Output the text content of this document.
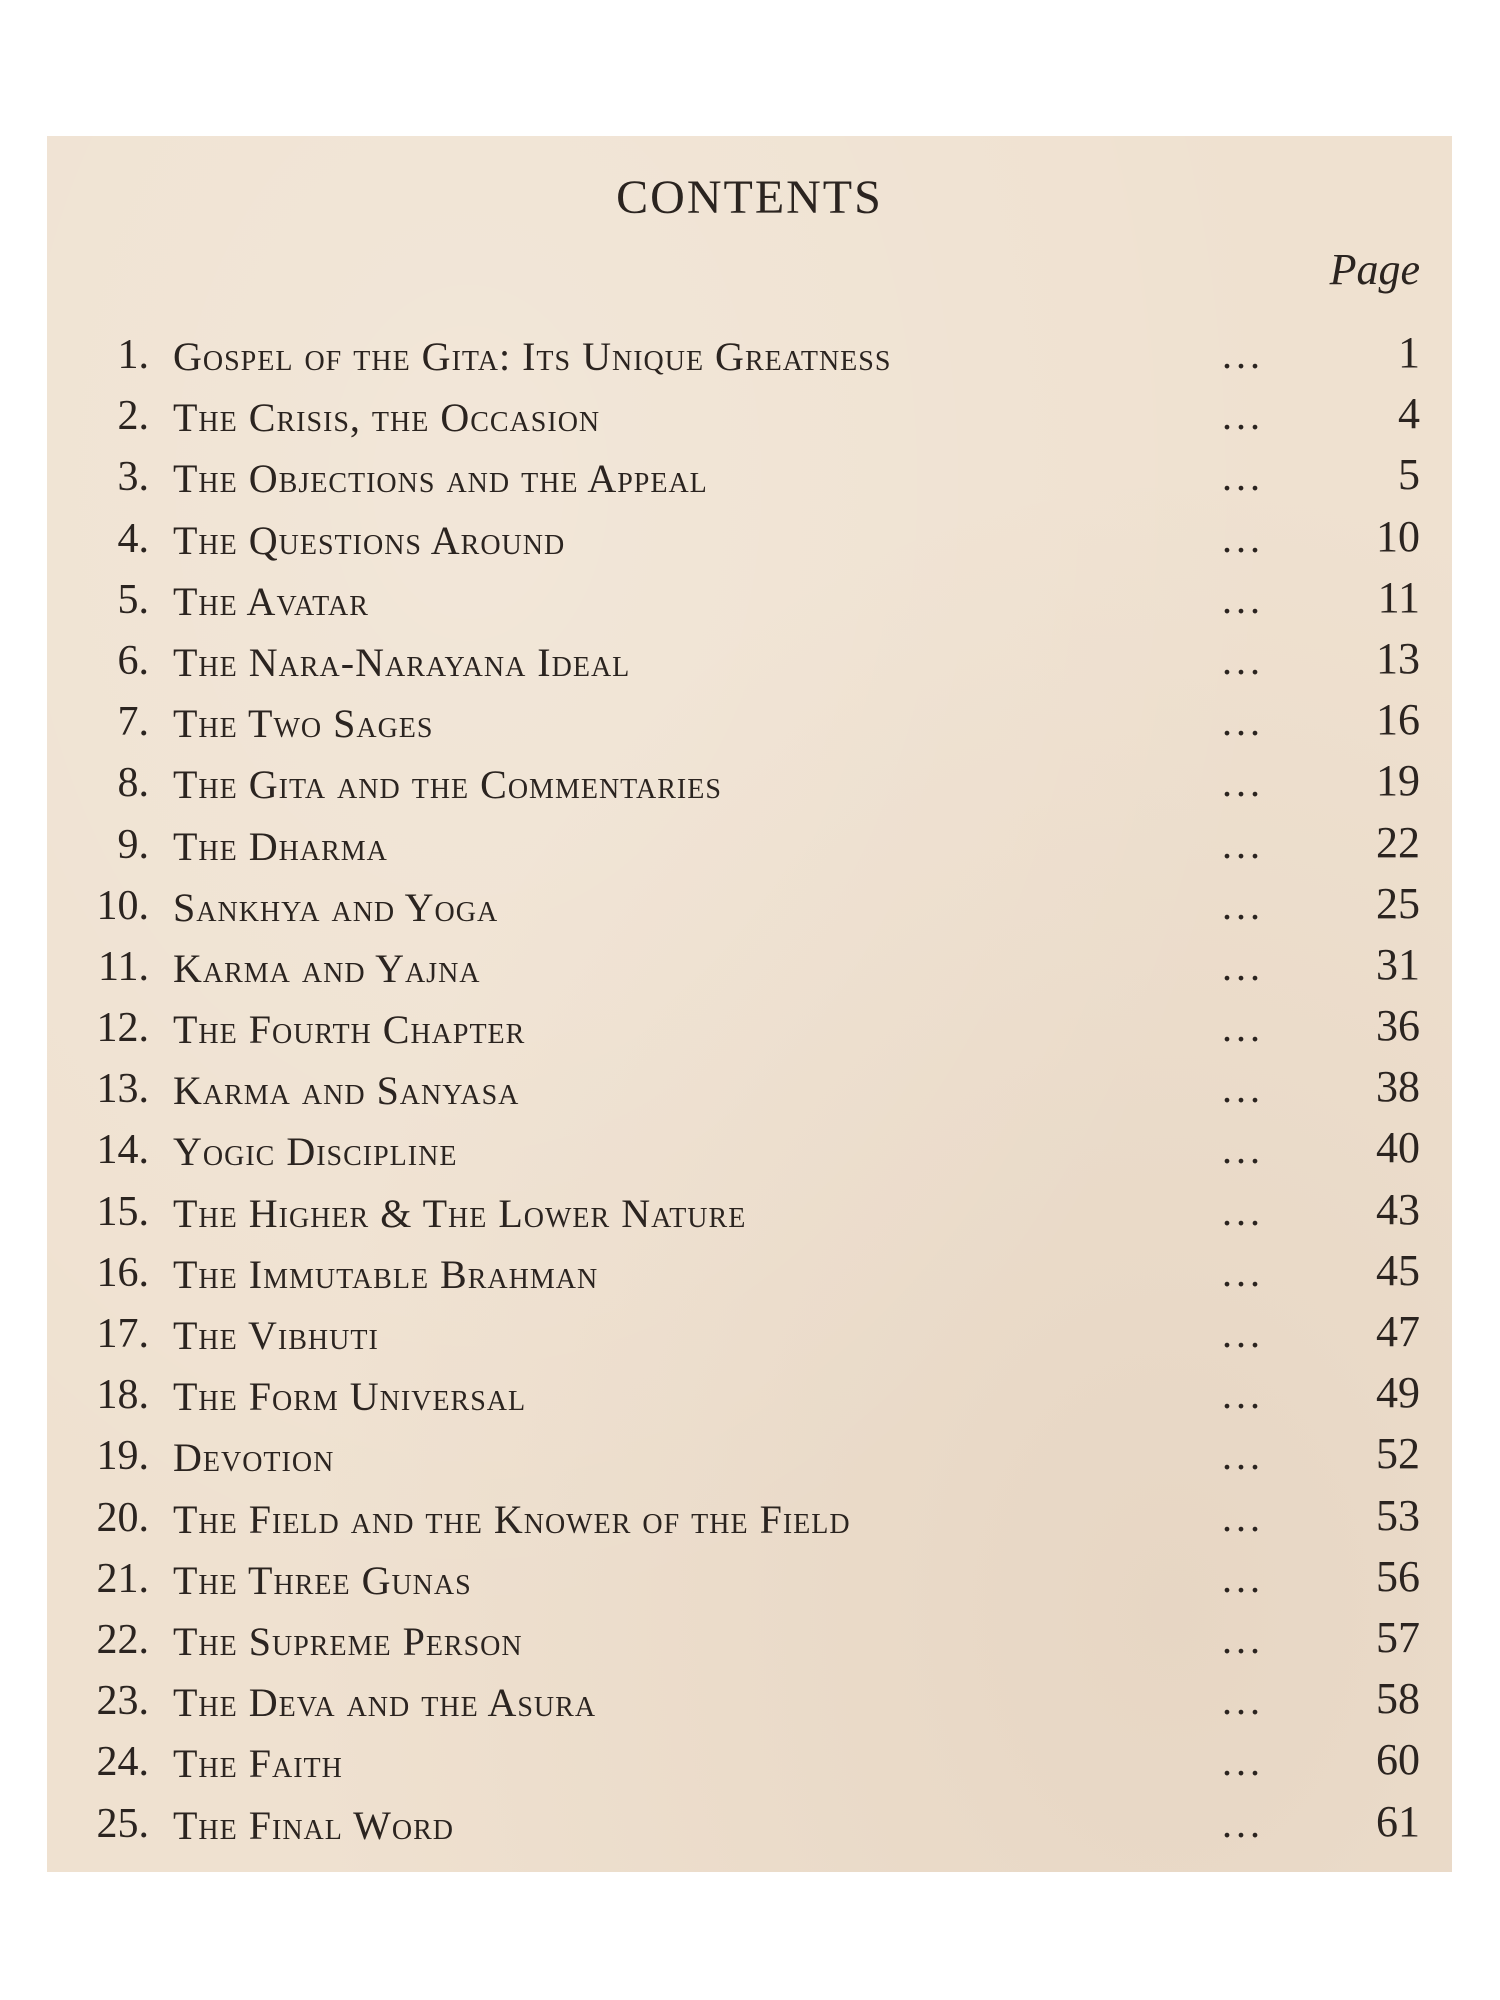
CONTENTS
Page
1. Gospel of the Gita: Its Unique Greatness	...	1
2. The Crisis, the Occasion	...	4
3. The Objections and the Appeal	...	5
4. The Questions Around	...	10
5. The Avatar	...	11
6. The Nara-Narayana Ideal	...	13
7. The Two Sages	...	16
8. The Gita and the Commentaries	...	19
9. The Dharma	...	22
10. Sankhya and Yoga	...	25
11. Karma and Yajna	...	31
12. The Fourth Chapter	...	36
13. Karma and Sanyasa	...	38
14. Yogic Discipline	...	40
15. The Higher & The Lower Nature	...	43
16. The Immutable Brahman	...	45
17. The Vibhuti	...	47
18. The Form Universal	...	49
19. Devotion	...	52
20. The Field and the Knower of the Field	...	53
21. The Three Gunas	...	56
22. The Supreme Person	...	57
23. The Deva and the Asura	...	58
24. The Faith	...	60
25. The Final Word	...	61
